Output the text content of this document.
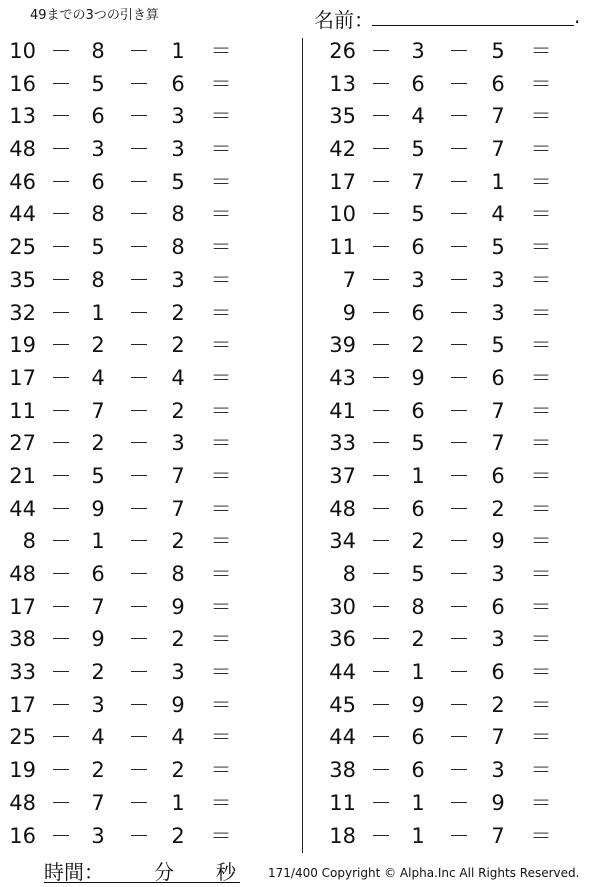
49までの3つの引き算	名前：	.
10 － 8 － 1 ＝
16 － 5 － 6 ＝
13 － 6 － 3 ＝
48 － 3 － 3 ＝
46 － 6 － 5 ＝
44 － 8 － 8 ＝
25 － 5 － 8 ＝
35 － 8 － 3 ＝
32 － 1 － 2 ＝
19 － 2 － 2 ＝
17 － 4 － 4 ＝
11 － 7 － 2 ＝
27 － 2 － 3 ＝
21 － 5 － 7 ＝
44 － 9 － 7 ＝
8 － 1 － 2 ＝
48 － 6 － 8 ＝
17 － 7 － 9 ＝
38 － 9 － 2 ＝
33 － 2 － 3 ＝
17 － 3 － 9 ＝
25 － 4 － 4 ＝
19 － 2 － 2 ＝
48 － 7 － 1 ＝
16 － 3 － 2 ＝
26 － 3 － 5 ＝
13 － 6 － 6 ＝
35 － 4 － 7 ＝
42 － 5 － 7 ＝
17 － 7 － 1 ＝
10 － 5 － 4 ＝
11 － 6 － 5 ＝
7 － 3 － 3 ＝
9 － 6 － 3 ＝
39 － 2 － 5 ＝
43 － 9 － 6 ＝
41 － 6 － 7 ＝
33 － 5 － 7 ＝
37 － 1 － 6 ＝
48 － 6 － 2 ＝
34 － 2 － 9 ＝
8 － 5 － 3 ＝
30 － 8 － 6 ＝
36 － 2 － 3 ＝
44 － 1 － 6 ＝
45 － 9 － 2 ＝
44 － 6 － 7 ＝
38 － 6 － 3 ＝
11 － 1 － 9 ＝
18 － 1 － 7 ＝
時間：	分 秒	171/400 Copyright © Alpha.Inc All Rights Reserved.
